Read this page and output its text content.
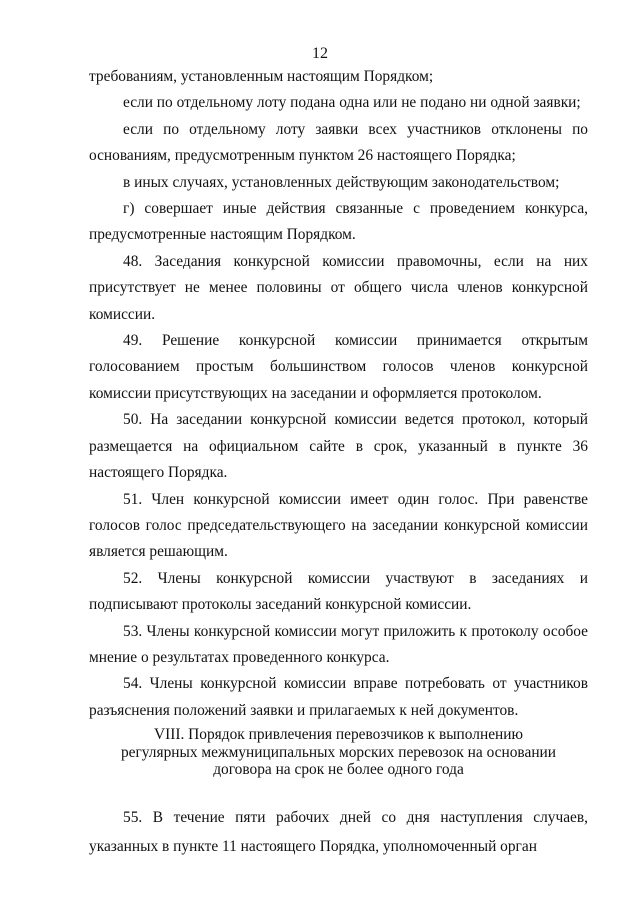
12

требованиям, установленным настоящим Порядком;

если по отдельному лоту подана одна или не подано ни одной заявки;

если по отдельному лоту заявки всех участников отклонены по основаниям, предусмотренным пунктом 26 настоящего Порядка;

в иных случаях, установленных действующим законодательством;

г) совершает иные действия связанные с проведением конкурса, предусмотренные настоящим Порядком.

48. Заседания конкурсной комиссии правомочны, если на них присутствует не менее половины от общего числа членов конкурсной комиссии.

49. Решение конкурсной комиссии принимается открытым голосованием простым большинством голосов членов конкурсной комиссии присутствующих на заседании и оформляется протоколом.

50. На заседании конкурсной комиссии ведется протокол, который размещается на официальном сайте в срок, указанный в пункте 36 настоящего Порядка.

51. Член конкурсной комиссии имеет один голос. При равенстве голосов голос председательствующего на заседании конкурсной комиссии является решающим.

52. Члены конкурсной комиссии участвуют в заседаниях и подписывают протоколы заседаний конкурсной комиссии.

53. Члены конкурсной комиссии могут приложить к протоколу особое мнение о результатах проведенного конкурса.

54. Члены конкурсной комиссии вправе потребовать от участников разъяснения положений заявки и прилагаемых к ней документов.

VIII. Порядок привлечения перевозчиков к выполнению
регулярных межмуниципальных морских перевозок на основании
договора на срок не более одного года

55. В течение пяти рабочих дней со дня наступления случаев, указанных в пункте 11 настоящего Порядка, уполномоченный орган
